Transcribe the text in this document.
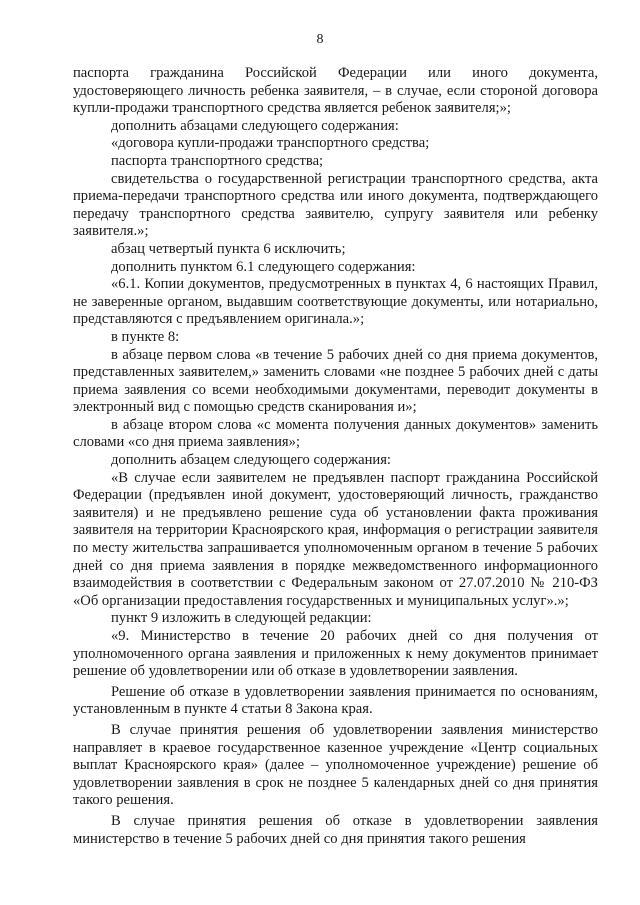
8

паспорта гражданина Российской Федерации или иного документа, удостоверяющего личность ребенка заявителя, – в случае, если стороной договора купли-продажи транспортного средства является ребенок заявителя;»;

дополнить абзацами следующего содержания:

«договора купли-продажи транспортного средства;

паспорта транспортного средства;

свидетельства о государственной регистрации транспортного средства, акта приема-передачи транспортного средства или иного документа, подтверждающего передачу транспортного средства заявителю, супругу заявителя или ребенку заявителя.»;

абзац четвертый пункта 6 исключить;

дополнить пунктом 6.1 следующего содержания:

«6.1. Копии документов, предусмотренных в пунктах 4, 6 настоящих Правил, не заверенные органом, выдавшим соответствующие документы, или нотариально, представляются с предъявлением оригинала.»;

в пункте 8:

в абзаце первом слова «в течение 5 рабочих дней со дня приема документов, представленных заявителем,» заменить словами «не позднее 5 рабочих дней с даты приема заявления со всеми необходимыми документами, переводит документы в электронный вид с помощью средств сканирования и»;

в абзаце втором слова «с момента получения данных документов» заменить словами «со дня приема заявления»;

дополнить абзацем следующего содержания:

«В случае если заявителем не предъявлен паспорт гражданина Российской Федерации (предъявлен иной документ, удостоверяющий личность, гражданство заявителя) и не предъявлено решение суда об установлении факта проживания заявителя на территории Красноярского края, информация о регистрации заявителя по месту жительства запрашивается уполномоченным органом в течение 5 рабочих дней со дня приема заявления в порядке межведомственного информационного взаимодействия в соответствии с Федеральным законом от 27.07.2010 № 210-ФЗ «Об организации предоставления государственных и муниципальных услуг».»;

пункт 9 изложить в следующей редакции:

«9. Министерство в течение 20 рабочих дней со дня получения от уполномоченного органа заявления и приложенных к нему документов принимает решение об удовлетворении или об отказе в удовлетворении заявления.

Решение об отказе в удовлетворении заявления принимается по основаниям, установленным в пункте 4 статьи 8 Закона края.

В случае принятия решения об удовлетворении заявления министерство направляет в краевое государственное казенное учреждение «Центр социальных выплат Красноярского края» (далее – уполномоченное учреждение) решение об удовлетворении заявления в срок не позднее 5 календарных дней со дня принятия такого решения.

В случае принятия решения об отказе в удовлетворении заявления министерство в течение 5 рабочих дней со дня принятия такого решения
